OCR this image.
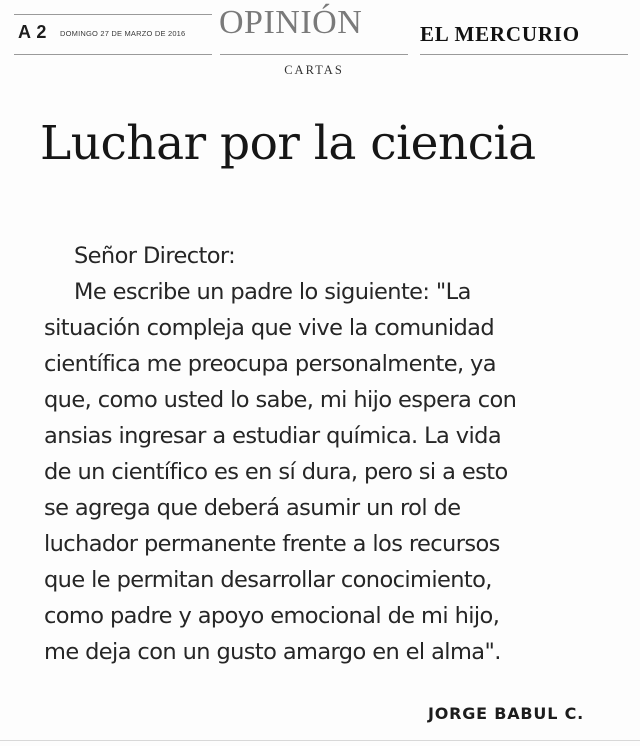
A 2 DOMINGO 27 DE MARZO DE 2016 OPINIÓN
CARTAS
EL MERCURIO
Luchar por la ciencia
Señor Director:
Me escribe un padre lo siguiente: "La
situación compleja que vive la comunidad
científica me preocupa personalmente, ya
que, como usted lo sabe, mi hijo espera con
ansias ingresar a estudiar química. La vida
de un científico es en sí dura, pero si a esto
se agrega que deberá asumir un rol de
luchador permanente frente a los recursos
que le permitan desarrollar conocimiento,
como padre y apoyo emocional de mi hijo,
me deja con un gusto amargo en el alma".
JORGE BABUL C.
